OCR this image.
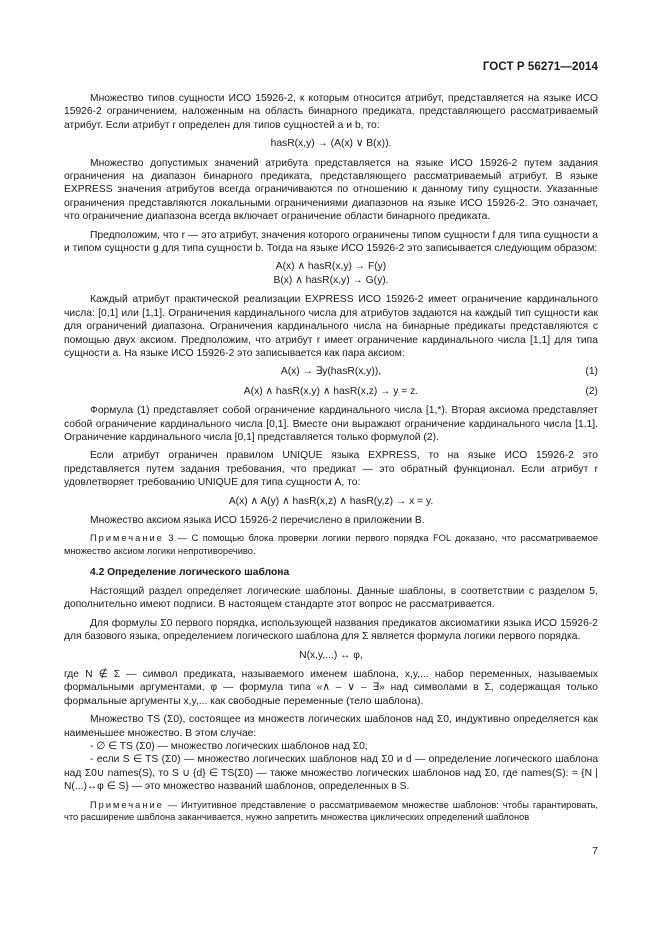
ГОСТ Р 56271—2014

Множество типов сущности ИСО 15926-2, к которым относится атрибут, представляется на языке ИСО 15926-2 ограничением, наложенным на область бинарного предиката, представляющего рассматриваемый атрибут. Если атрибут r определен для типов сущностей a и b, то:

hasR(x,y) → (A(x) ∨ B(x)).

Множество допустимых значений атрибута представляется на языке ИСО 15926-2 путем задания ограничения на диапазон бинарного предиката, представляющего рассматриваемый атрибут. В языке EXPRESS значения атрибутов всегда ограничиваются по отношению к данному типу сущности. Указанные ограничения представляются локальными ограничениями диапазонов на языке ИСО 15926-2. Это означает, что ограничение диапазона всегда включает ограничение области бинарного предиката.

Предположим, что r — это атрибут, значения которого ограничены типом сущности f для типа сущности a и типом сущности g для типа сущности b. Тогда на языке ИСО 15926-2 это записывается следующим образом:

A(x) ∧ hasR(x,y) → F(y)

B(x) ∧ hasR(x,y) → G(y).

Каждый атрибут практической реализации EXPRESS ИСО 15926-2 имеет ограничение кардинального числа: [0,1] или [1,1]. Ограничения кардинального числа для атрибутов задаются на каждый тип сущности как для ограничений диапазона. Ограничения кардинального числа на бинарные предикаты представляются с помощью двух аксиом. Предположим, что атрибут r имеет ограничение кардинального числа [1,1] для типа сущности a. На языке ИСО 15926-2 это записывается как пара аксиом:

A(x) → ∃y(hasR(x,y)),	(1)
A(x) ∧ hasR(x,y) ∧ hasR(x,z) → y = z.	(2)

Формула (1) представляет собой ограничение кардинального числа [1,*). Вторая аксиома представляет собой ограничение кардинального числа [0,1]. Вместе они выражают ограничение кардинального числа [1,1]. Ограничение кардинального числа [0,1] представляется только формулой (2).

Если атрибут ограничен правилом UNIQUE языка EXPRESS, то на языке ИСО 15926-2 это представляется путем задания требования, что предикат — это обратный функционал. Если атрибут r удовлетворяет требованию UNIQUE для типа сущности A, то:

A(x) ∧ A(y) ∧ hasR(x,z) ∧ hasR(y,z) → x = y.

Множество аксиом языка ИСО 15926-2 перечислено в приложении В.

Примечание 3 — С помощью блока проверки логики первого порядка FOL доказано, что рассматриваемое множество аксиом логики непротиворечиво.

4.2 Определение логического шаблона

Настоящий раздел определяет логические шаблоны. Данные шаблоны, в соответствии с разделом 5, дополнительно имеют подписи. В настоящем стандарте этот вопрос не рассматривается.

Для формулы Σ0 первого порядка, использующей названия предикатов аксиоматики языка ИСО 15926-2 для базового языка, определением логического шаблона для Σ является формула логики первого порядка.

N(x,y,...) ↔ φ,

где N ∉ Σ — символ предиката, называемого именем шаблона, x,y,... набор переменных, называемых формальными аргументами, φ — формула типа «∧ – ∨ – ∃» над символами в Σ, содержащая только формальные аргументы x,y,... как свободные переменные (тело шаблона).

Множество TS (Σ0), состоящее из множеств логических шаблонов над Σ0, индуктивно определяется как наименьшее множество. В этом случае:

- ∅ ∈ TS (Σ0) — множество логических шаблонов над Σ0;

- если S ∈ TS (Σ0) — множество логических шаблонов над Σ0 и d — определение логического шаблона над Σ0∪ names(S), то S ∪ {d} ∈ TS(Σ0) — также множество логических шаблонов над Σ0, где names(S): = {N | N(...)↔φ ∈ S} — это множество названий шаблонов, определенных в S.

Примечание — Интуитивное представление о рассматриваемом множестве шаблонов: чтобы гарантировать, что расширение шаблона заканчивается, нужно запретить множества циклических определений шаблонов

7
